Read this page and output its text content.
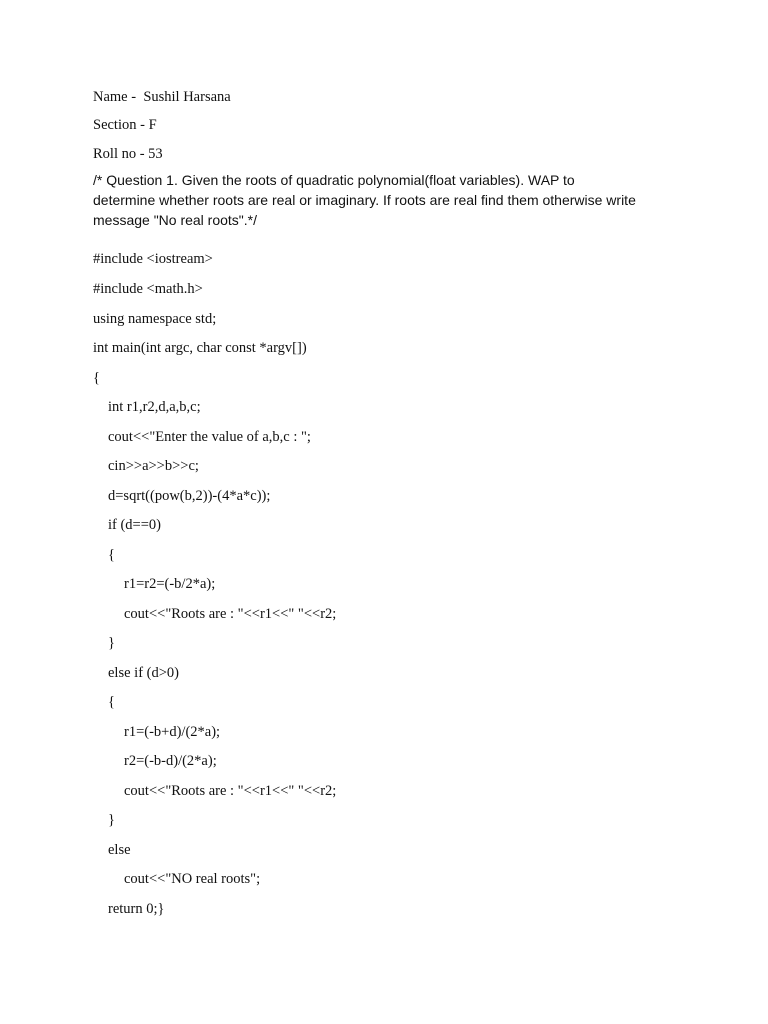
Name -  Sushil Harsana
Section - F
Roll no - 53
/* Question 1. Given the roots of quadratic polynomial(float variables). WAP to
determine whether roots are real or imaginary. If roots are real find them otherwise write
message "No real roots".*/
#include <iostream>
#include <math.h>
using namespace std;
int main(int argc, char const *argv[])
{
int r1,r2,d,a,b,c;
cout<<"Enter the value of a,b,c : ";
cin>>a>>b>>c;
d=sqrt((pow(b,2))-(4*a*c));
if (d==0)
{
r1=r2=(-b/2*a);
cout<<"Roots are : "<<r1<<" "<<r2;
}
else if (d>0)
{
r1=(-b+d)/(2*a);
r2=(-b-d)/(2*a);
cout<<"Roots are : "<<r1<<" "<<r2;
}
else
cout<<"NO real roots";
return 0;}
